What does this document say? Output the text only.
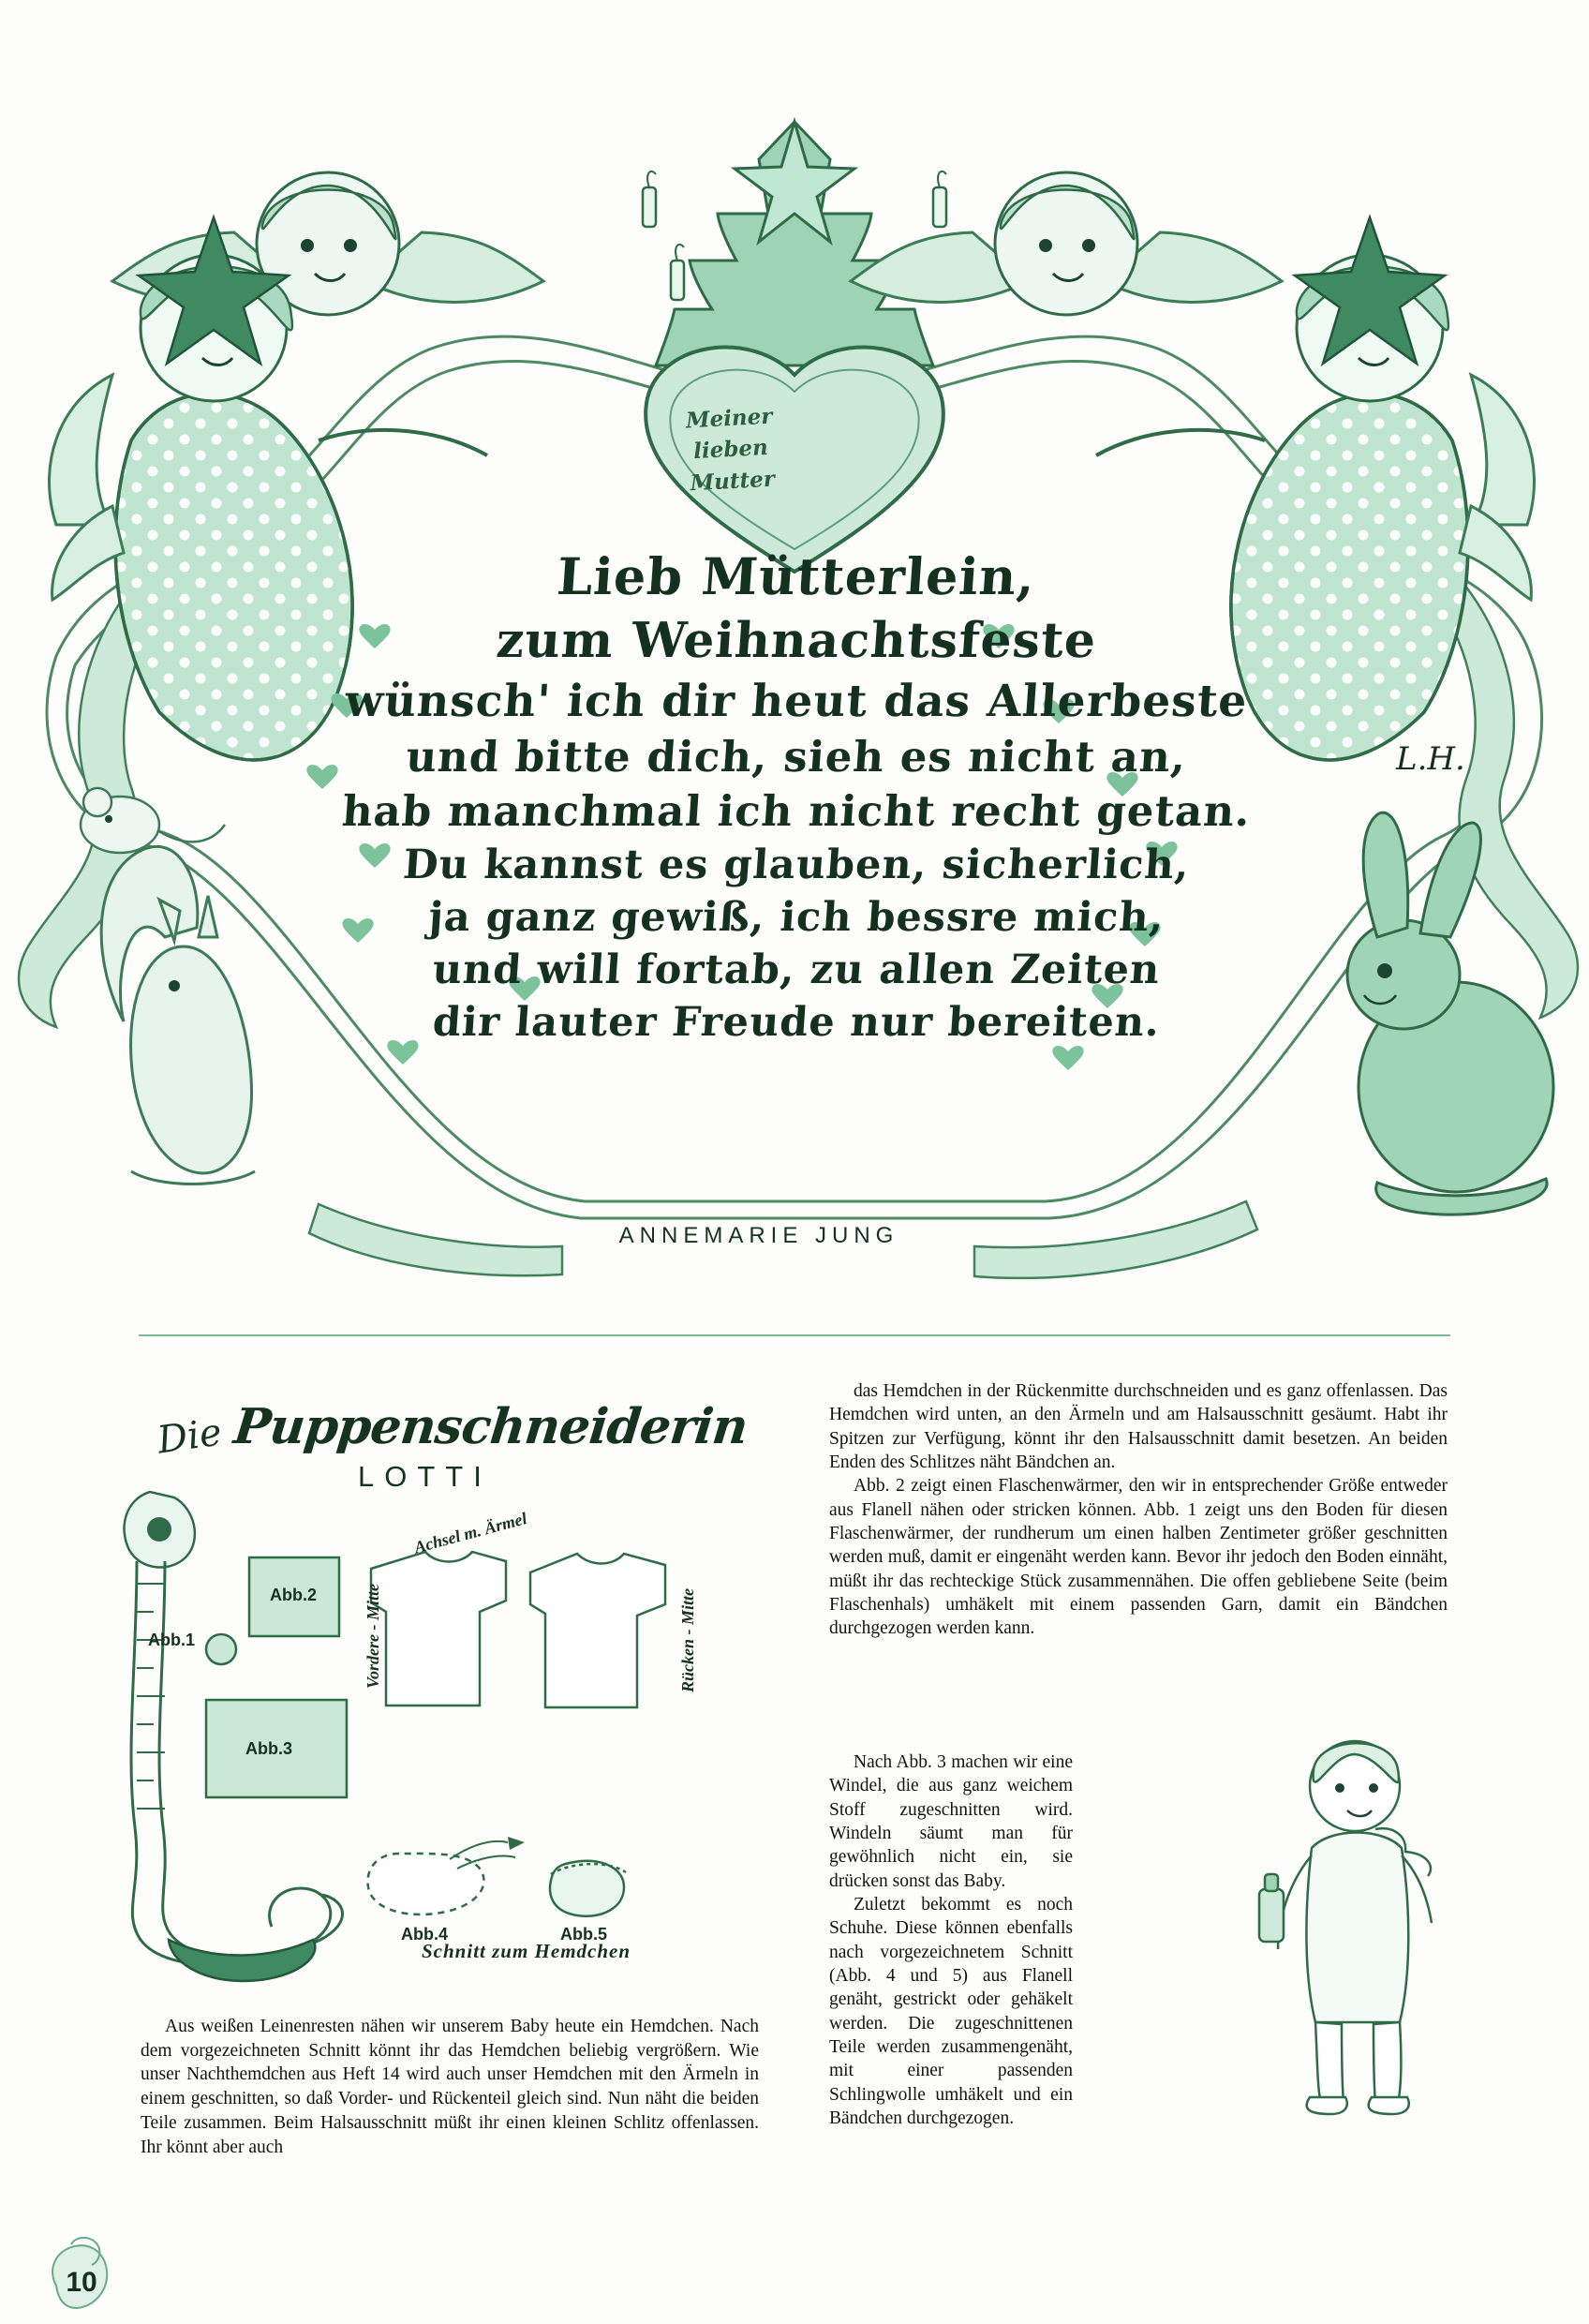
Meiner
lieben
Mutter
Lieb Mütterlein,
zum Weihnachtsfeste
wünsch' ich dir heut das Allerbeste
und bitte dich, sieh es nicht an,
hab manchmal ich nicht recht getan.
Du kannst es glauben, sicherlich,
ja ganz gewiß, ich bessre mich,
und will fortab, zu allen Zeiten
dir lauter Freude nur bereiten.
L.H.
ANNEMARIE JUNG
Die Puppenschneiderin
LOTTI
Abb.1
Abb.2
Abb.3
Abb.4	Abb.5
Vordere - Mitte
Achsel m. Ärmel
Rücken - Mitte
Schnitt zum Hemdchen

das Hemdchen in der Rückenmitte durchschneiden und es ganz offenlassen. Das Hemdchen wird unten, an den Ärmeln und am Halsausschnitt gesäumt. Habt ihr Spitzen zur Verfügung, könnt ihr den Halsausschnitt damit besetzen. An beiden Enden des Schlitzes näht Bändchen an.

Abb. 2 zeigt einen Flaschenwärmer, den wir in entsprechender Größe entweder aus Flanell nähen oder stricken können. Abb. 1 zeigt uns den Boden für diesen Flaschenwärmer, der rundherum um einen halben Zentimeter größer geschnitten werden muß, damit er eingenäht werden kann. Bevor ihr jedoch den Boden einnäht, müßt ihr das rechteckige Stück zusammennähen. Die offen gebliebene Seite (beim Flaschenhals) umhäkelt mit einem passenden Garn, damit ein Bändchen durchgezogen werden kann.

Nach Abb. 3 machen wir eine Windel, die aus ganz weichem Stoff zugeschnitten wird. Windeln säumt man für gewöhnlich nicht ein, sie drücken sonst das Baby.

Zuletzt bekommt es noch Schuhe. Diese können ebenfalls nach vorgezeichnetem Schnitt (Abb. 4 und 5) aus Flanell genäht, gestrickt oder gehäkelt werden. Die zugeschnittenen Teile werden zusammengenäht, mit einer passenden Schlingwolle umhäkelt und ein Bändchen durchgezogen.

Aus weißen Leinenresten nähen wir unserem Baby heute ein Hemdchen. Nach dem vorgezeichneten Schnitt könnt ihr das Hemdchen beliebig vergrößern. Wie unser Nachthemdchen aus Heft 14 wird auch unser Hemdchen mit den Ärmeln in einem geschnitten, so daß Vorder- und Rückenteil gleich sind. Nun näht die beiden Teile zusammen. Beim Halsausschnitt müßt ihr einen kleinen Schlitz offenlassen. Ihr könnt aber auch

10
